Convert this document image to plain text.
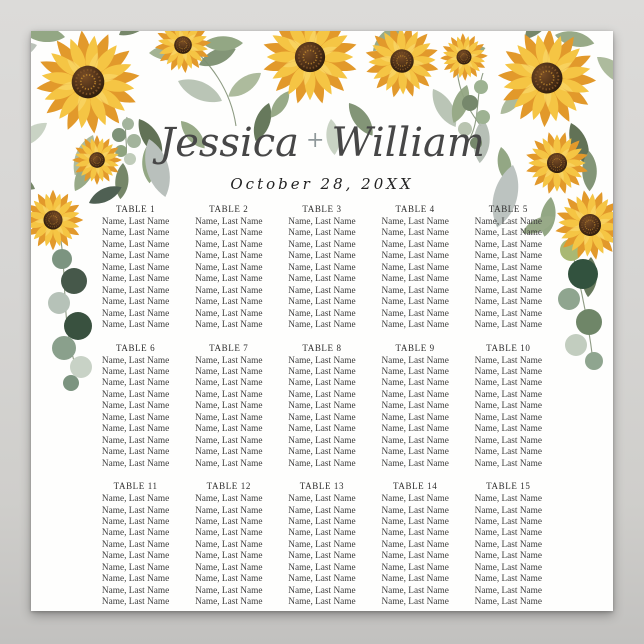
Jessica + William
October 28, 20XX
TABLE 1
Name, Last Name
Name, Last Name
Name, Last Name
Name, Last Name
Name, Last Name
Name, Last Name
Name, Last Name
Name, Last Name
Name, Last Name
Name, Last Name
TABLE 2
Name, Last Name
Name, Last Name
Name, Last Name
Name, Last Name
Name, Last Name
Name, Last Name
Name, Last Name
Name, Last Name
Name, Last Name
Name, Last Name
TABLE 3
Name, Last Name
Name, Last Name
Name, Last Name
Name, Last Name
Name, Last Name
Name, Last Name
Name, Last Name
Name, Last Name
Name, Last Name
Name, Last Name
TABLE 4
Name, Last Name
Name, Last Name
Name, Last Name
Name, Last Name
Name, Last Name
Name, Last Name
Name, Last Name
Name, Last Name
Name, Last Name
Name, Last Name
TABLE 5
Name, Last Name
Name, Last Name
Name, Last Name
Name, Last Name
Name, Last Name
Name, Last Name
Name, Last Name
Name, Last Name
Name, Last Name
Name, Last Name
TABLE 6
Name, Last Name
Name, Last Name
Name, Last Name
Name, Last Name
Name, Last Name
Name, Last Name
Name, Last Name
Name, Last Name
Name, Last Name
Name, Last Name
TABLE 7
Name, Last Name
Name, Last Name
Name, Last Name
Name, Last Name
Name, Last Name
Name, Last Name
Name, Last Name
Name, Last Name
Name, Last Name
Name, Last Name
TABLE 8
Name, Last Name
Name, Last Name
Name, Last Name
Name, Last Name
Name, Last Name
Name, Last Name
Name, Last Name
Name, Last Name
Name, Last Name
Name, Last Name
TABLE 9
Name, Last Name
Name, Last Name
Name, Last Name
Name, Last Name
Name, Last Name
Name, Last Name
Name, Last Name
Name, Last Name
Name, Last Name
Name, Last Name
TABLE 10
Name, Last Name
Name, Last Name
Name, Last Name
Name, Last Name
Name, Last Name
Name, Last Name
Name, Last Name
Name, Last Name
Name, Last Name
Name, Last Name
TABLE 11
Name, Last Name
Name, Last Name
Name, Last Name
Name, Last Name
Name, Last Name
Name, Last Name
Name, Last Name
Name, Last Name
Name, Last Name
Name, Last Name
TABLE 12
Name, Last Name
Name, Last Name
Name, Last Name
Name, Last Name
Name, Last Name
Name, Last Name
Name, Last Name
Name, Last Name
Name, Last Name
Name, Last Name
TABLE 13
Name, Last Name
Name, Last Name
Name, Last Name
Name, Last Name
Name, Last Name
Name, Last Name
Name, Last Name
Name, Last Name
Name, Last Name
Name, Last Name
TABLE 14
Name, Last Name
Name, Last Name
Name, Last Name
Name, Last Name
Name, Last Name
Name, Last Name
Name, Last Name
Name, Last Name
Name, Last Name
Name, Last Name
TABLE 15
Name, Last Name
Name, Last Name
Name, Last Name
Name, Last Name
Name, Last Name
Name, Last Name
Name, Last Name
Name, Last Name
Name, Last Name
Name, Last Name
